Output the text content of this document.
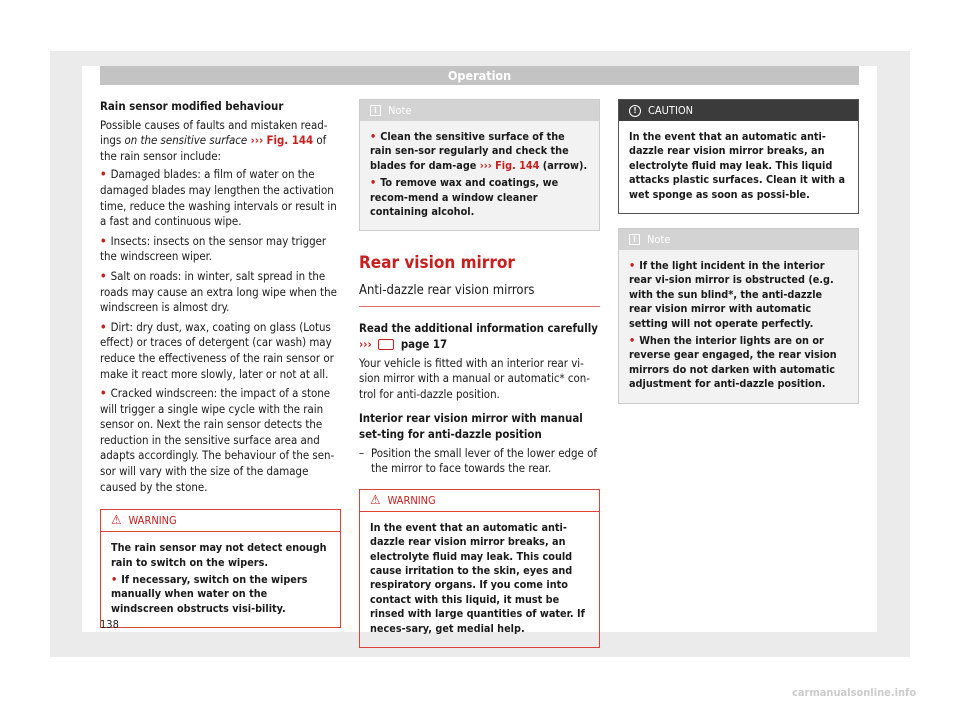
Operation

Rain sensor modified behaviour

Possible causes of faults and mistaken read-ings on the sensitive surface ››› Fig. 144 of the rain sensor include:

• Damaged blades: a film of water on the damaged blades may lengthen the activation time, reduce the washing intervals or result in a fast and continuous wipe.
• Insects: insects on the sensor may trigger the windscreen wiper.
• Salt on roads: in winter, salt spread in the roads may cause an extra long wipe when the windscreen is almost dry.
• Dirt: dry dust, wax, coating on glass (Lotus effect) or traces of detergent (car wash) may reduce the effectiveness of the rain sensor or make it react more slowly, later or not at all.
• Cracked windscreen: the impact of a stone will trigger a single wipe cycle with the rain sensor on. Next the rain sensor detects the reduction in the sensitive surface area and adapts accordingly. The behaviour of the sen-sor will vary with the size of the damage caused by the stone.
⚠ WARNING

The rain sensor may not detect enough rain to switch on the wipers.

• If necessary, switch on the wipers manually when water on the windscreen obstructs visi-bility.

i	Note

• Clean the sensitive surface of the rain sen-sor regularly and check the blades for dam-age ››› Fig. 144 (arrow).

• To remove wax and coatings, we recom-mend a window cleaner containing alcohol.

Rear vision mirror
Anti-dazzle rear vision mirrors

Read the additional information carefully
›››	page 17

Your vehicle is fitted with an interior rear vi-sion mirror with a manual or automatic* con-trol for anti-dazzle position.

Interior rear vision mirror with manual set-ting for anti-dazzle position

– Position the small lever of the lower edge of the mirror to face towards the rear.
⚠ WARNING

In the event that an automatic anti-dazzle rear vision mirror breaks, an electrolyte fluid may leak. This could cause irritation to the skin, eyes and respiratory organs. If you come into contact with this liquid, it must be rinsed with large quantities of water. If neces-sary, get medial help.

!	CAUTION

In the event that an automatic anti-dazzle rear vision mirror breaks, an electrolyte fluid may leak. This liquid attacks plastic surfaces. Clean it with a wet sponge as soon as possi-ble.

i	Note

• If the light incident in the interior rear vi-sion mirror is obstructed (e.g. with the sun blind*, the anti-dazzle rear vision mirror with automatic setting will not operate perfectly.

• When the interior lights are on or reverse gear engaged, the rear vision mirrors do not darken with automatic adjustment for anti-dazzle position.

138
carmanualsonline.info
